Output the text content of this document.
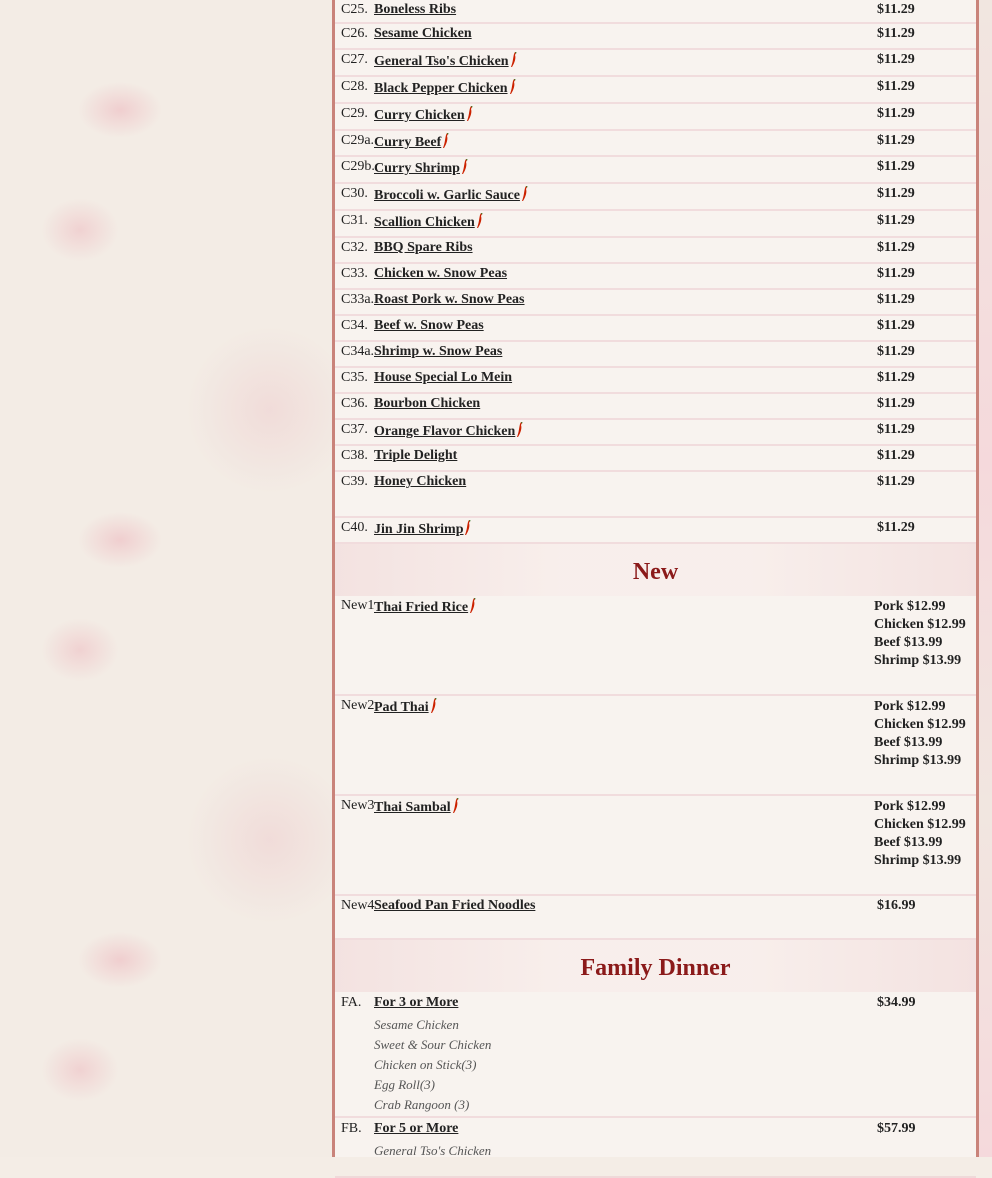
C25. Boneless Ribs	$11.29
C26. Sesame Chicken	$11.29
C27. General Tso's Chicken	$11.29
C28. Black Pepper Chicken	$11.29
C29. Curry Chicken	$11.29
C29a. Curry Beef	$11.29
C29b. Curry Shrimp	$11.29
C30. Broccoli w. Garlic Sauce	$11.29
C31. Scallion Chicken	$11.29
C32. BBQ Spare Ribs	$11.29
C33. Chicken w. Snow Peas	$11.29
C33a. Roast Pork w. Snow Peas	$11.29
C34. Beef w. Snow Peas	$11.29
C34a. Shrimp w. Snow Peas	$11.29
C35. House Special Lo Mein	$11.29
C36. Bourbon Chicken	$11.29
C37. Orange Flavor Chicken	$11.29
C38. Triple Delight	$11.29
C39. Honey Chicken	$11.29
C40. Jin Jin Shrimp	$11.29
New
New1 Thai Fried Rice	Pork $12.99
Chicken $12.99
Beef $13.99
Shrimp $13.99
New2 Pad Thai	Pork $12.99
Chicken $12.99
Beef $13.99
Shrimp $13.99
New3 Thai Sambal	Pork $12.99
Chicken $12.99
Beef $13.99
Shrimp $13.99
New4 Seafood Pan Fried Noodles	$16.99
Family Dinner
FA. For 3 or More	$34.99
Sesame Chicken
Sweet & Sour Chicken
Chicken on Stick(3)
Egg Roll(3)
Crab Rangoon (3)
FB. For 5 or More	$57.99
General Tso's Chicken
